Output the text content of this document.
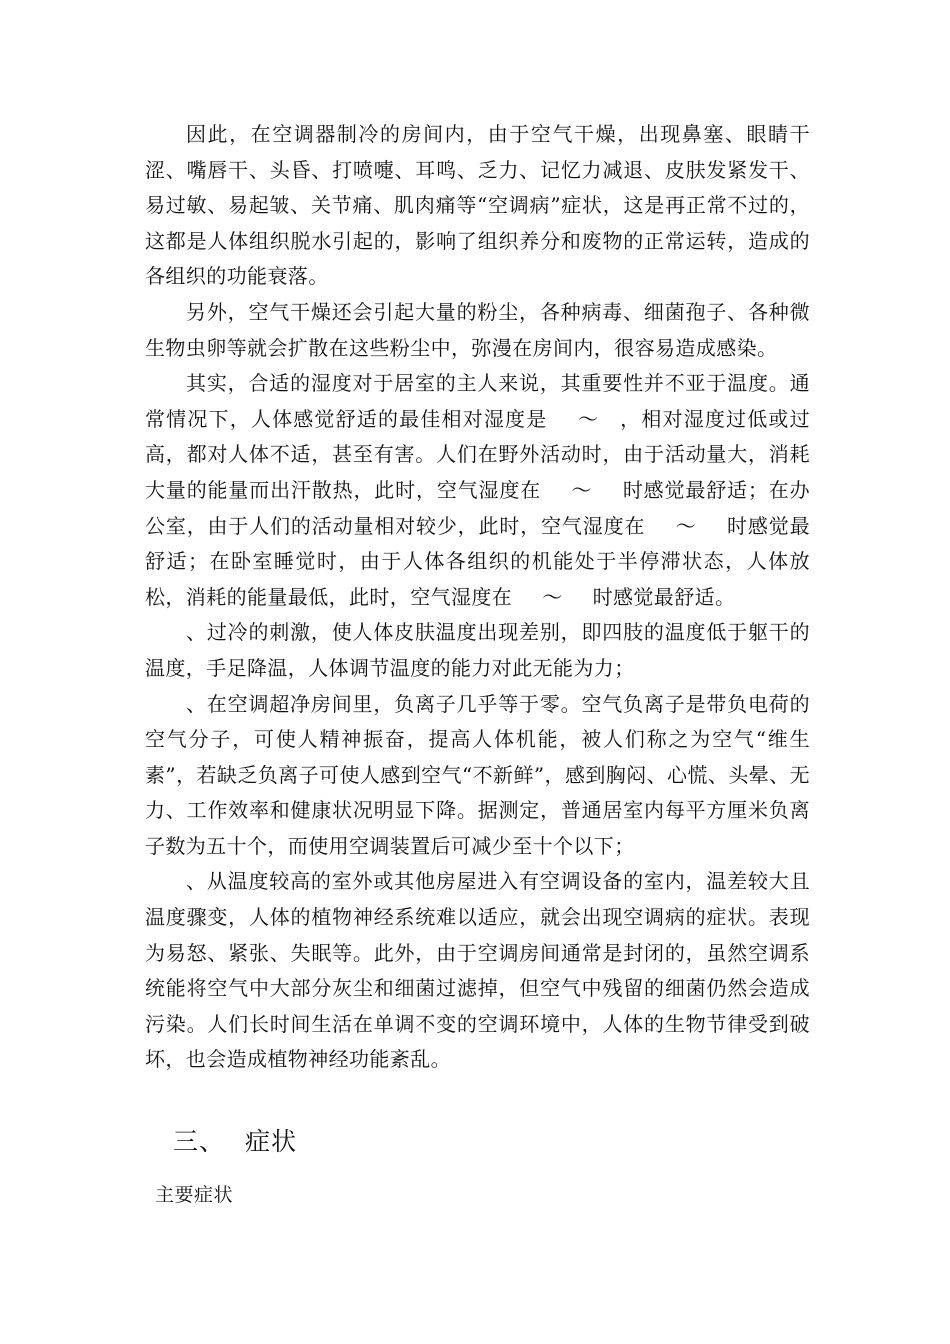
因此，在空调器制冷的房间内，由于空气干燥，出现鼻塞、眼睛干涩、嘴唇干、头昏、打喷嚏、耳鸣、乏力、记忆力减退、皮肤发紧发干、易过敏、易起皱、关节痛、肌肉痛等“空调病”症状，这是再正常不过的，这都是人体组织脱水引起的，影响了组织养分和废物的正常运转，造成的各组织的功能衰落。

另外，空气干燥还会引起大量的粉尘，各种病毒、细菌孢子、各种微生物虫卵等就会扩散在这些粉尘中，弥漫在房间内，很容易造成感染。

其实，合适的湿度对于居室的主人来说，其重要性并不亚于温度。通常情况下，人体感觉舒适的最佳相对湿度是 ～ ，相对湿度过低或过高，都对人体不适，甚至有害。人们在野外活动时，由于活动量大，消耗大量的能量而出汗散热，此时，空气湿度在 ～ 时感觉最舒适；在办公室，由于人们的活动量相对较少，此时，空气湿度在 ～ 时感觉最舒适；在卧室睡觉时，由于人体各组织的机能处于半停滞状态，人体放松，消耗的能量最低，此时，空气湿度在 ～ 时感觉最舒适。

、过冷的刺激，使人体皮肤温度出现差别，即四肢的温度低于躯干的温度，手足降温，人体调节温度的能力对此无能为力；

、在空调超净房间里，负离子几乎等于零。空气负离子是带负电荷的空气分子，可使人精神振奋，提高人体机能，被人们称之为空气“维生素”，若缺乏负离子可使人感到空气“不新鲜”，感到胸闷、心慌、头晕、无力、工作效率和健康状况明显下降。据测定，普通居室内每平方厘米负离子数为五十个，而使用空调装置后可减少至十个以下；

、从温度较高的室外或其他房屋进入有空调设备的室内，温差较大且温度骤变，人体的植物神经系统难以适应，就会出现空调病的症状。表现为易怒、紧张、失眠等。此外，由于空调房间通常是封闭的，虽然空调系统能将空气中大部分灰尘和细菌过滤掉，但空气中残留的细菌仍然会造成污染。人们长时间生活在单调不变的空调环境中，人体的生物节律受到破坏，也会造成植物神经功能紊乱。

三、 症状
主要症状
